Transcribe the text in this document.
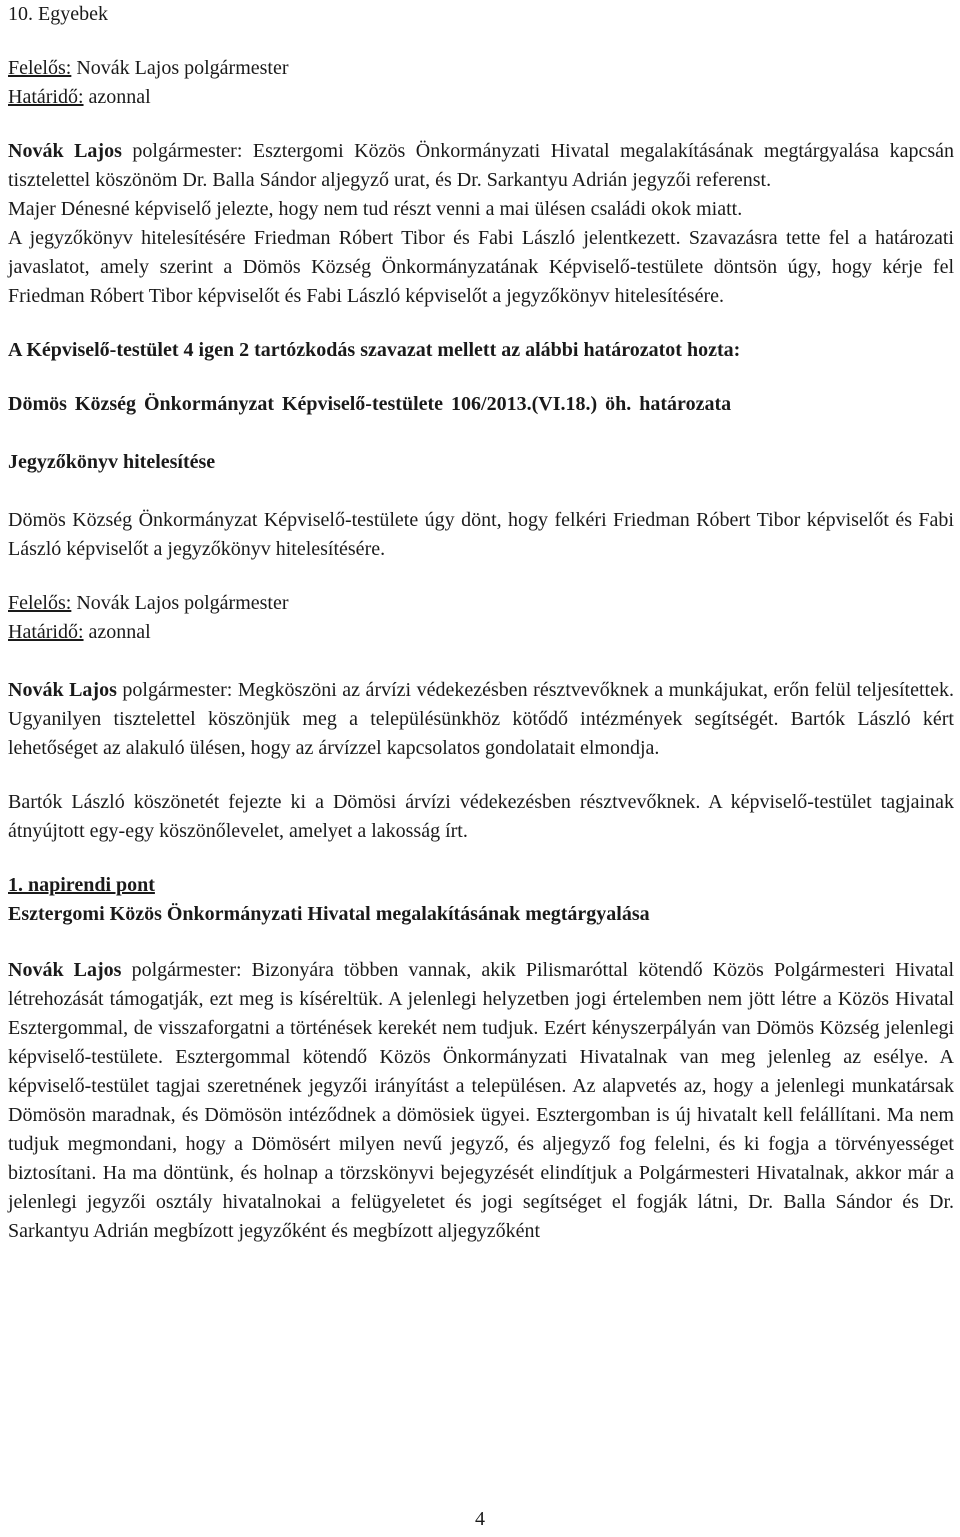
10. Egyebek

Felelős: Novák Lajos polgármester

Határidő: azonnal

Novák Lajos polgármester: Esztergomi Közös Önkormányzati Hivatal megalakításának megtárgyalása kapcsán tisztelettel köszönöm Dr. Balla Sándor aljegyző urat, és Dr. Sarkantyu Adrián jegyzői referenst.

Majer Dénesné képviselő jelezte, hogy nem tud részt venni a mai ülésen családi okok miatt.

A jegyzőkönyv hitelesítésére Friedman Róbert Tibor és Fabi László jelentkezett. Szavazásra tette fel a határozati javaslatot, amely szerint a Dömös Község Önkormányzatának Képviselő-testülete döntsön úgy, hogy kérje fel Friedman Róbert Tibor képviselőt és Fabi László képviselőt a jegyzőkönyv hitelesítésére.

A Képviselő-testület 4 igen 2 tartózkodás szavazat mellett az alábbi határozatot hozta:

Dömös Község Önkormányzat Képviselő-testülete 106/2013.(VI.18.) öh. határozata

Jegyzőkönyv hitelesítése

Dömös Község Önkormányzat Képviselő-testülete úgy dönt, hogy felkéri Friedman Róbert Tibor képviselőt és Fabi László képviselőt a jegyzőkönyv hitelesítésére.

Felelős: Novák Lajos polgármester

Határidő: azonnal

Novák Lajos polgármester: Megköszöni az árvízi védekezésben résztvevőknek a munkájukat, erőn felül teljesítettek. Ugyanilyen tisztelettel köszönjük meg a településünkhöz kötődő intézmények segítségét. Bartók László kért lehetőséget az alakuló ülésen, hogy az árvízzel kapcsolatos gondolatait elmondja.

Bartók László köszönetét fejezte ki a Dömösi árvízi védekezésben résztvevőknek. A képviselő-testület tagjainak átnyújtott egy-egy köszönőlevelet, amelyet a lakosság írt.

1. napirendi pont

Esztergomi Közös Önkormányzati Hivatal megalakításának megtárgyalása

Novák Lajos polgármester: Bizonyára többen vannak, akik Pilismaróttal kötendő Közös Polgármesteri Hivatal létrehozását támogatják, ezt meg is kíséreltük. A jelenlegi helyzetben jogi értelemben nem jött létre a Közös Hivatal Esztergommal, de visszaforgatni a történések kerekét nem tudjuk. Ezért kényszerpályán van Dömös Község jelenlegi képviselő-testülete. Esztergommal kötendő Közös Önkormányzati Hivatalnak van meg jelenleg az esélye. A képviselő-testület tagjai szeretnének jegyzői irányítást a településen. Az alapvetés az, hogy a jelenlegi munkatársak Dömösön maradnak, és Dömösön intéződnek a dömösiek ügyei. Esztergomban is új hivatalt kell felállítani. Ma nem tudjuk megmondani, hogy a Dömösért milyen nevű jegyző, és aljegyző fog felelni, és ki fogja a törvényességet biztosítani. Ha ma döntünk, és holnap a törzskönyvi bejegyzését elindítjuk a Polgármesteri Hivatalnak, akkor már a jelenlegi jegyzői osztály hivatalnokai a felügyeletet és jogi segítséget el fogják látni, Dr. Balla Sándor és Dr. Sarkantyu Adrián megbízott jegyzőként és megbízott aljegyzőként

4
